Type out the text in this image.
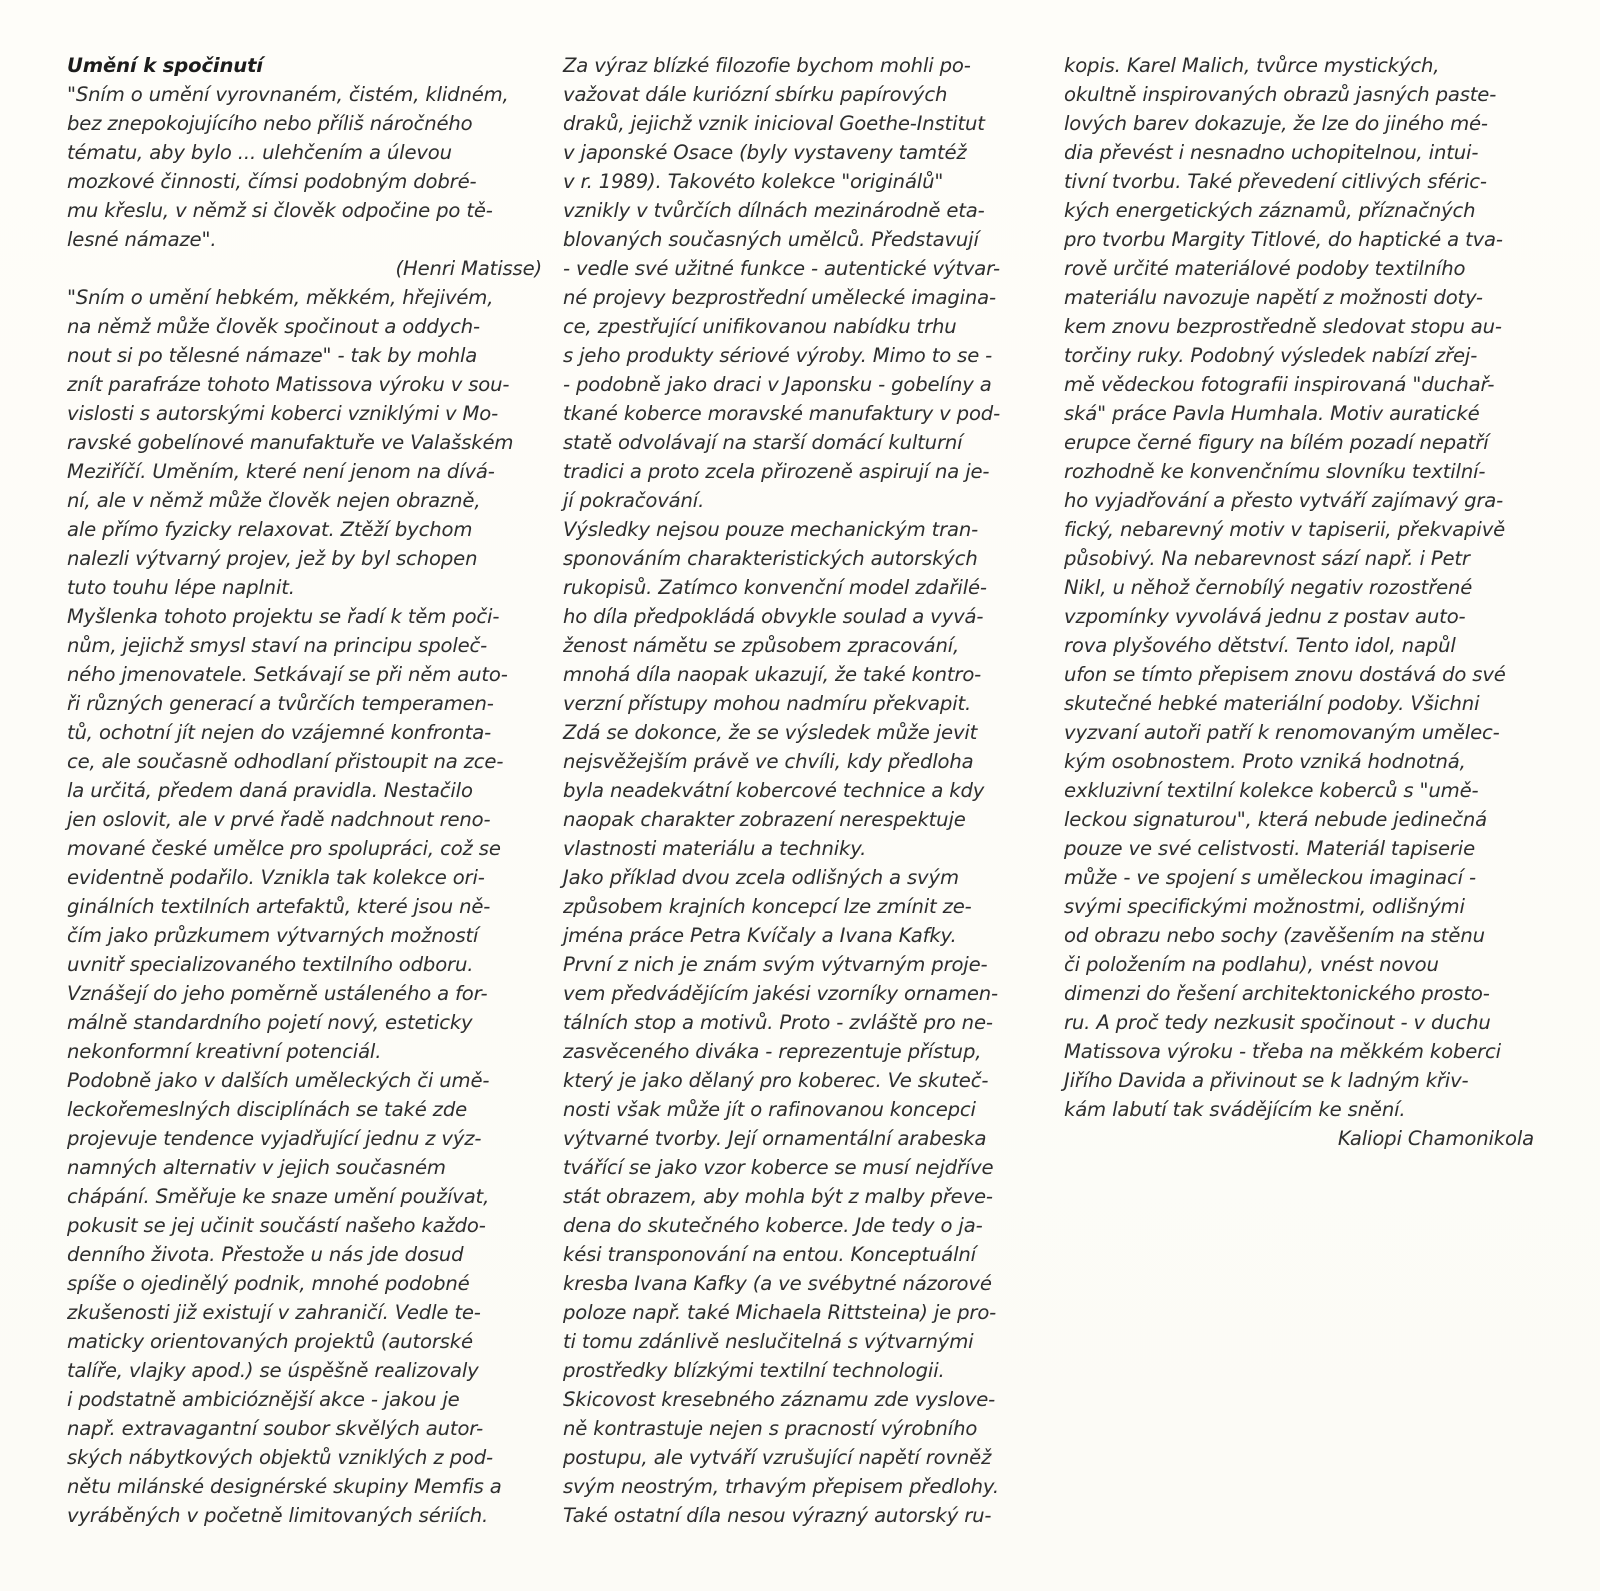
Umění k spočinutí
"Sním o umění vyrovnaném, čistém, klidném,
bez znepokojujícího nebo příliš náročného
tématu, aby bylo ... ulehčením a úlevou
mozkové činnosti, čímsi podobným dobré-
mu křeslu, v němž si člověk odpočine po tě-
lesné námaze".
(Henri Matisse)
"Sním o umění hebkém, měkkém, hřejivém,
na němž může člověk spočinout a oddych-
nout si po tělesné námaze" - tak by mohla
znít parafráze tohoto Matissova výroku v sou-
vislosti s autorskými koberci vzniklými v Mo-
ravské gobelínové manufaktuře ve Valašském
Meziříčí. Uměním, které není jenom na dívá-
ní, ale v němž může člověk nejen obrazně,
ale přímo fyzicky relaxovat. Ztěží bychom
nalezli výtvarný projev, jež by byl schopen
tuto touhu lépe naplnit.
Myšlenka tohoto projektu se řadí k těm poči-
nům, jejichž smysl staví na principu společ-
ného jmenovatele. Setkávají se při něm auto-
ři různých generací a tvůrčích temperamen-
tů, ochotní jít nejen do vzájemné konfronta-
ce, ale současně odhodlaní přistoupit na zce-
la určitá, předem daná pravidla. Nestačilo
jen oslovit, ale v prvé řadě nadchnout reno-
mované české umělce pro spolupráci, což se
evidentně podařilo. Vznikla tak kolekce ori-
ginálních textilních artefaktů, které jsou ně-
čím jako průzkumem výtvarných možností
uvnitř specializovaného textilního odboru.
Vznášejí do jeho poměrně ustáleného a for-
málně standardního pojetí nový, esteticky
nekonformní kreativní potenciál.
Podobně jako v dalších uměleckých či umě-
leckořemeslných disciplínách se také zde
projevuje tendence vyjadřující jednu z výz-
namných alternativ v jejich současném
chápání. Směřuje ke snaze umění používat,
pokusit se jej učinit součástí našeho každo-
denního života. Přestože u nás jde dosud
spíše o ojedinělý podnik, mnohé podobné
zkušenosti již existují v zahraničí. Vedle te-
maticky orientovaných projektů (autorské
talíře, vlajky apod.) se úspěšně realizovaly
i podstatně ambicióznější akce - jakou je
např. extravagantní soubor skvělých autor-
ských nábytkových objektů vzniklých z pod-
nětu milánské designérské skupiny Memfis a
vyráběných v početně limitovaných sériích.
Za výraz blízké filozofie bychom mohli po-
važovat dále kuriózní sbírku papírových
draků, jejichž vznik inicioval Goethe-Institut
v japonské Osace (byly vystaveny tamtéž
v r. 1989). Takovéto kolekce "originálů"
vznikly v tvůrčích dílnách mezinárodně eta-
blovaných současných umělců. Představují
- vedle své užitné funkce - autentické výtvar-
né projevy bezprostřední umělecké imagina-
ce, zpestřující unifikovanou nabídku trhu
s jeho produkty sériové výroby. Mimo to se -
- podobně jako draci v Japonsku - gobelíny a
tkané koberce moravské manufaktury v pod-
statě odvolávají na starší domácí kulturní
tradici a proto zcela přirozeně aspirují na je-
jí pokračování.
Výsledky nejsou pouze mechanickým tran-
sponováním charakteristických autorských
rukopisů. Zatímco konvenční model zdařilé-
ho díla předpokládá obvykle soulad a vyvá-
ženost námětu se způsobem zpracování,
mnohá díla naopak ukazují, že také kontro-
verzní přístupy mohou nadmíru překvapit.
Zdá se dokonce, že se výsledek může jevit
nejsvěžejším právě ve chvíli, kdy předloha
byla neadekvátní kobercové technice a kdy
naopak charakter zobrazení nerespektuje
vlastnosti materiálu a techniky.
Jako příklad dvou zcela odlišných a svým
způsobem krajních koncepcí lze zmínit ze-
jména práce Petra Kvíčaly a Ivana Kafky.
První z nich je znám svým výtvarným proje-
vem předvádějícím jakési vzorníky ornamen-
tálních stop a motivů. Proto - zvláště pro ne-
zasvěceného diváka - reprezentuje přístup,
který je jako dělaný pro koberec. Ve skuteč-
nosti však může jít o rafinovanou koncepci
výtvarné tvorby. Její ornamentální arabeska
tvářící se jako vzor koberce se musí nejdříve
stát obrazem, aby mohla být z malby převe-
dena do skutečného koberce. Jde tedy o ja-
kési transponování na entou. Konceptuální
kresba Ivana Kafky (a ve svébytné názorové
poloze např. také Michaela Rittsteina) je pro-
ti tomu zdánlivě neslučitelná s výtvarnými
prostředky blízkými textilní technologii.
Skicovost kresebného záznamu zde vyslove-
ně kontrastuje nejen s pracností výrobního
postupu, ale vytváří vzrušující napětí rovněž
svým neostrým, trhavým přepisem předlohy.
Také ostatní díla nesou výrazný autorský ru-
kopis. Karel Malich, tvůrce mystických,
okultně inspirovaných obrazů jasných paste-
lových barev dokazuje, že lze do jiného mé-
dia převést i nesnadno uchopitelnou, intui-
tivní tvorbu. Také převedení citlivých sféric-
kých energetických záznamů, příznačných
pro tvorbu Margity Titlové, do haptické a tva-
rově určité materiálové podoby textilního
materiálu navozuje napětí z možnosti doty-
kem znovu bezprostředně sledovat stopu au-
torčiny ruky. Podobný výsledek nabízí zřej-
mě vědeckou fotografii inspirovaná "duchař-
ská" práce Pavla Humhala. Motiv auratické
erupce černé figury na bílém pozadí nepatří
rozhodně ke konvenčnímu slovníku textilní-
ho vyjadřování a přesto vytváří zajímavý gra-
fický, nebarevný motiv v tapiserii, překvapivě
působivý. Na nebarevnost sází např. i Petr
Nikl, u něhož černobílý negativ rozostřené
vzpomínky vyvolává jednu z postav auto-
rova plyšového dětství. Tento idol, napůl
ufon se tímto přepisem znovu dostává do své
skutečné hebké materiální podoby. Všichni
vyzvaní autoři patří k renomovaným umělec-
kým osobnostem. Proto vzniká hodnotná,
exkluzivní textilní kolekce koberců s "umě-
leckou signaturou", která nebude jedinečná
pouze ve své celistvosti. Materiál tapiserie
může - ve spojení s uměleckou imaginací -
svými specifickými možnostmi, odlišnými
od obrazu nebo sochy (zavěšením na stěnu
či položením na podlahu), vnést novou
dimenzi do řešení architektonického prosto-
ru. A proč tedy nezkusit spočinout - v duchu
Matissova výroku - třeba na měkkém koberci
Jiřího Davida a přivinout se k ladným křiv-
kám labutí tak svádějícím ke snění.
Kaliopi Chamonikola
